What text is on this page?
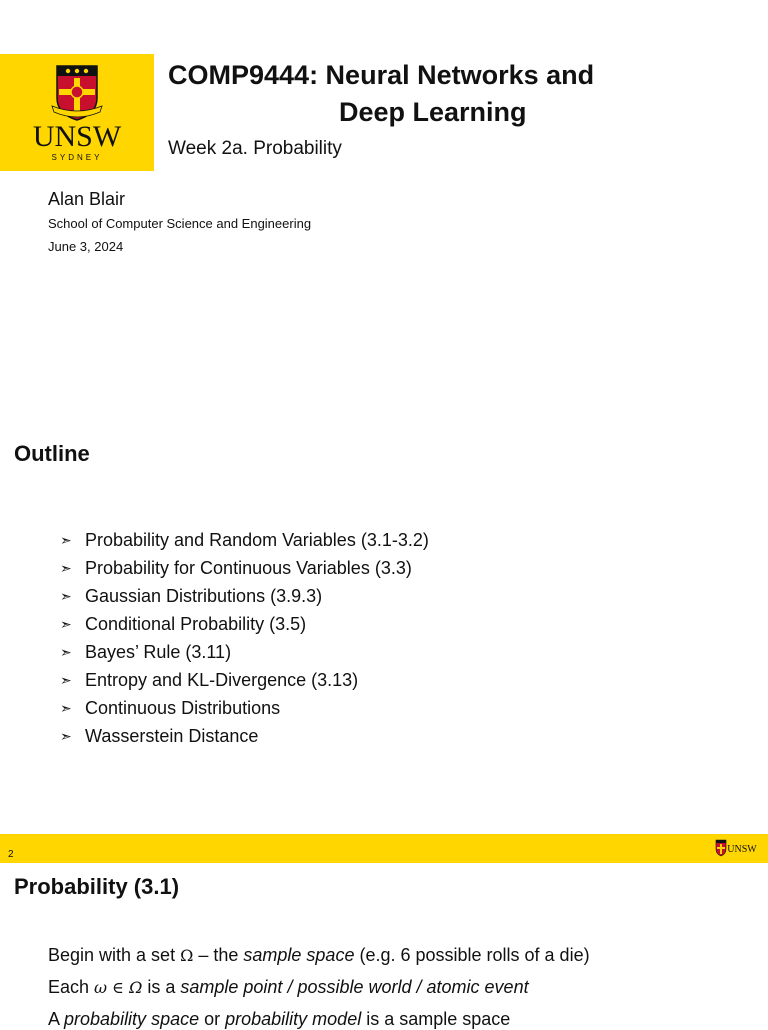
UNSW
SYDNEY
COMP9444: Neural Networks and
Deep Learning
Week 2a. Probability
Alan Blair
School of Computer Science and Engineering
June 3, 2024
Outline
➣ Probability and Random Variables (3.1-3.2)
➣ Probability for Continuous Variables (3.3)
➣ Gaussian Distributions (3.9.3)
➣ Conditional Probability (3.5)
➣ Bayes’ Rule (3.11)
➣ Entropy and KL-Divergence (3.13)
➣ Continuous Distributions
➣ Wasserstein Distance
2	UNSW
Probability (3.1)
Begin with a set Ω – the sample space (e.g. 6 possible rolls of a die)
Each ω ∈ Ω is a sample point / possible world / atomic event
A probability space or probability model is a sample space
